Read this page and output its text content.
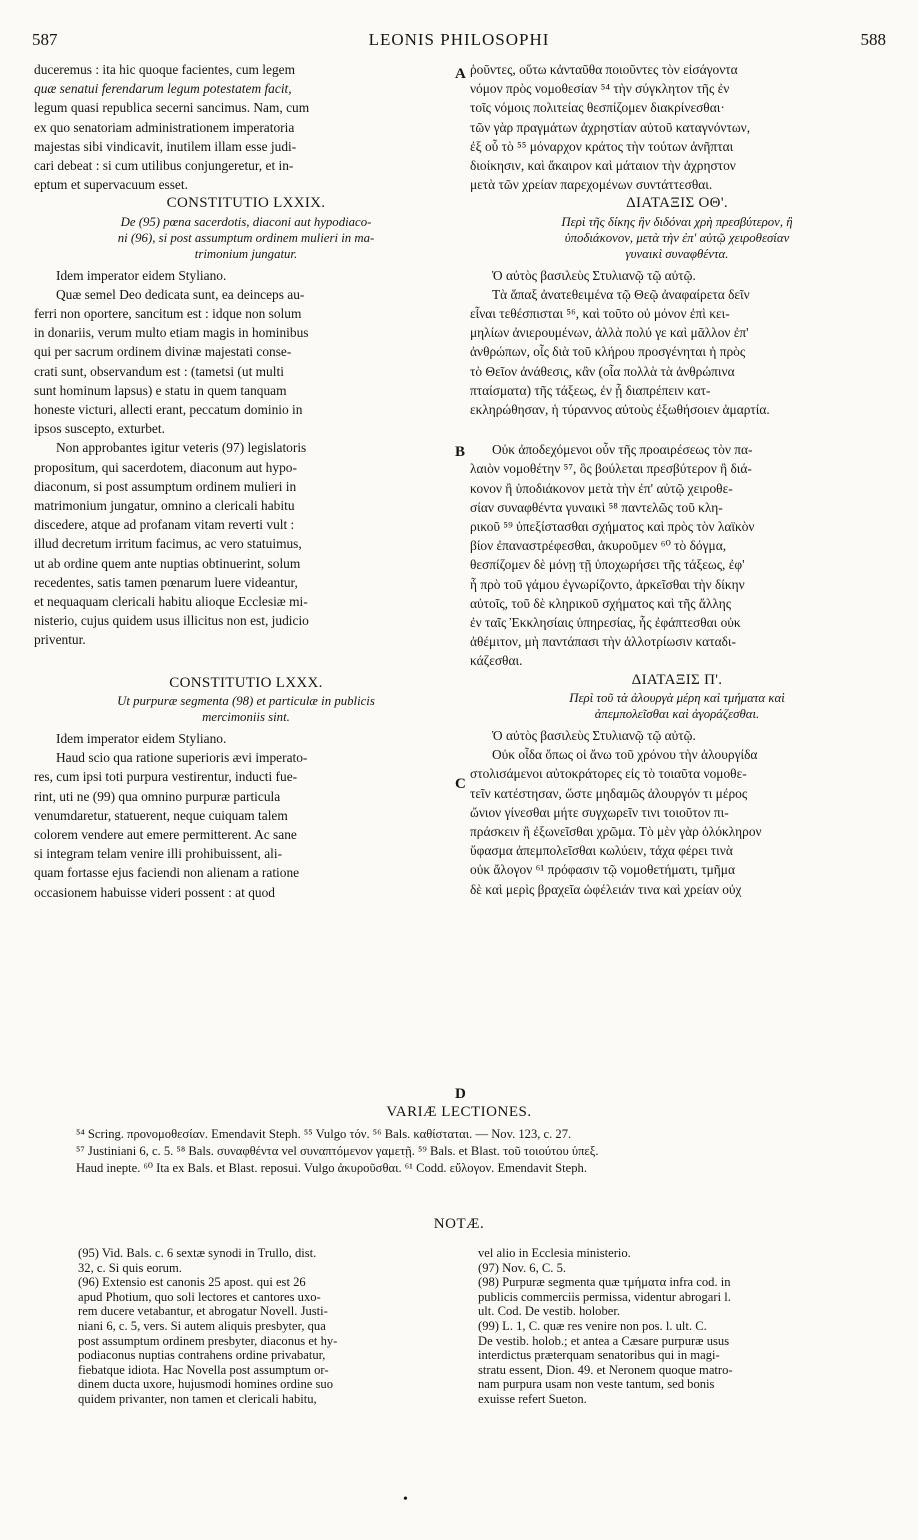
587	LEONIS PHILOSOPHI	588
A
B
C
D

duceremus : ita hic quoque facientes, cum legem

quæ senatui ferendarum legum potestatem facit,

legum quasi republica secerni sancimus. Nam, cum

ex quo senatoriam administrationem imperatoria

majestas sibi vindicavit, inutilem illam esse judi-

cari debeat : si cum utilibus conjungeretur, et in-

eptum et supervacuum esset.

CONSTITUTIO LXXIX.

De (95) pœna sacerdotis, diaconi aut hypodiaco-

ni (96), si post assumptum ordinem mulieri in ma-

trimonium jungatur.

Idem imperator eidem Styliano.

Quæ semel Deo dedicata sunt, ea deinceps au-

ferri non oportere, sancitum est : idque non solum

in donariis, verum multo etiam magis in hominibus

qui per sacrum ordinem divinæ majestati conse-

crati sunt, observandum est : (tametsi (ut multi

sunt hominum lapsus) e statu in quem tanquam

honeste victuri, allecti erant, peccatum dominio in

ipsos suscepto, exturbet.

Non approbantes igitur veteris (97) legislatoris

propositum, qui sacerdotem, diaconum aut hypo-

diaconum, si post assumptum ordinem mulieri in

matrimonium jungatur, omnino a clericali habitu

discedere, atque ad profanam vitam reverti vult :

illud decretum irritum facimus, ac vero statuimus,

ut ab ordine quem ante nuptias obtinuerint, solum

recedentes, satis tamen pœnarum luere videantur,

et nequaquam clericali habitu alioque Ecclesiæ mi-

nisterio, cujus quidem usus illicitus non est, judicio

priventur.

CONSTITUTIO LXXX.

Ut purpuræ segmenta (98) et particulæ in publicis

mercimoniis sint.

Idem imperator eidem Styliano.

Haud scio qua ratione superioris ævi imperato-

res, cum ipsi toti purpura vestirentur, inducti fue-

rint, uti ne (99) qua omnino purpuræ particula

venumdaretur, statuerent, neque cuiquam talem

colorem vendere aut emere permitterent. Ac sane

si integram telam venire illi prohibuissent, ali-

quam fortasse ejus faciendi non alienam a ratione

occasionem habuisse videri possent : at quod

ῥοῦντες, οὕτω κἀνταῦθα ποιοῦντες τὸν εἰσάγοντα

νόμον πρὸς νομοθεσίαν ⁵⁴ τὴν σύγκλητον τῆς ἐν

τοῖς νόμοις πολιτείας θεσπίζομεν διακρίνεσθαι·

τῶν γὰρ πραγμάτων ἀχρηστίαν αὐτοῦ καταγνόντων,

ἐξ οὗ τὸ ⁵⁵ μόναρχον κράτος τὴν τούτων ἀνῆπται

διοίκησιν, καὶ ἄκαιρον καὶ μάταιον τὴν ἀχρηστον

μετὰ τῶν χρείαν παρεχομένων συντάττεσθαι.

ΔΙΑΤΑΞΙΣ ΟΘ'.

Περὶ τῆς δίκης ἣν διδόναι χρὴ πρεσβύτερον, ἢ

ὑποδιάκονον, μετὰ τὴν ἐπ' αὐτῷ χειροθεσίαν

γυναικὶ συναφθέντα.

Ὁ αὐτὸς βασιλεὺς Στυλιανῷ τῷ αὐτῷ.

Τὰ ἅπαξ ἀνατεθειμένα τῷ Θεῷ ἀναφαίρετα δεῖν

εἶναι τεθέσπισται ⁵⁶, καὶ τοῦτο οὐ μόνον ἐπὶ κει-

μηλίων ἀνιερουμένων, ἀλλὰ πολύ γε καὶ μᾶλλον ἐπ'

ἀνθρώπων, οἷς διὰ τοῦ κλήρου προσγένηται ἡ πρὸς

τὸ Θεῖον ἀνάθεσις, κἂν (οἷα πολλὰ τὰ ἀνθρώπινα

πταίσματα) τῆς τάξεως, ἐν ᾗ διαπρέπειν κατ-

εκληρώθησαν, ἡ τύραννος αὐτοὺς ἐξωθήσοιεν ἁμαρτία.

Οὐκ ἀποδεχόμενοι οὖν τῆς προαιρέσεως τὸν πα-

λαιὸν νομοθέτην ⁵⁷, ὃς βούλεται πρεσβύτερον ἢ διά-

κονον ἢ ὑποδιάκονον μετὰ τὴν ἐπ' αὐτῷ χειροθε-

σίαν συναφθέντα γυναικὶ ⁵⁸ παντελῶς τοῦ κλη-

ρικοῦ ⁵⁹ ὑπεξίστασθαι σχήματος καὶ πρὸς τὸν λαϊκὸν

βίον ἐπαναστρέφεσθαι, ἀκυροῦμεν ⁶⁰ τὸ δόγμα,

θεσπίζομεν δὲ μόνῃ τῇ ὑποχωρήσει τῆς τάξεως, ἐφ'

ἧ πρὸ τοῦ γάμου ἐγνωρίζοντο, ἀρκεῖσθαι τὴν δίκην

αὐτοῖς, τοῦ δὲ κληρικοῦ σχήματος καὶ τῆς ἄλλης

ἐν ταῖς Ἐκκλησίαις ὑπηρεσίας, ἧς ἐφάπτεσθαι οὐκ

ἀθέμιτον, μὴ παντάπασι τὴν ἀλλοτρίωσιν καταδι-

κάζεσθαι.

ΔΙΑΤΑΞΙΣ Π'.

Περὶ τοῦ τὰ ἀλουργὰ μέρη καὶ τμήματα καὶ

ἀπεμπολεῖσθαι καὶ ἀγοράζεσθαι.

Ὁ αὐτὸς βασιλεὺς Στυλιανῷ τῷ αὐτῷ.

Οὐκ οἶδα ὅπως οἱ ἄνω τοῦ χρόνου τὴν ἀλουργίδα

στολισάμενοι αὐτοκράτορες εἰς τὸ τοιαῦτα νομοθε-

τεῖν κατέστησαν, ὥστε μηδαμῶς ἀλουργόν τι μέρος

ὤνιον γίνεσθαι μήτε συγχωρεῖν τινι τοιοῦτον πι-

πράσκειν ἢ ἐξωνεῖσθαι χρῶμα. Τὸ μὲν γὰρ ὁλόκληρον

ὕφασμα ἀπεμπολεῖσθαι κωλύειν, τάχα φέρει τινὰ

οὐκ ἄλογον ⁶¹ πρόφασιν τῷ νομοθετήματι, τμῆμα

δὲ καὶ μερὶς βραχεῖα ὠφέλειάν τινα καὶ χρείαν οὐχ

VARIÆ LECTIONES.

⁵⁴ Scring. προνομοθεσίαν. Emendavit Steph. ⁵⁵ Vulgo τόν. ⁵⁶ Bals. καθίσταται. — Nov. 123, c. 27.

⁵⁷ Justiniani 6, c. 5. ⁵⁸ Bals. συναφθέντα vel συναπτόμενον γαμετῇ. ⁵⁹ Bals. et Blast. τοῦ τοιούτου ὑπεξ.

Haud inepte. ⁶⁰ Ita ex Bals. et Blast. reposui. Vulgo ἀκυροῦσθαι. ⁶¹ Codd. εὔλογον. Emendavit Steph.

NOTÆ.

(95) Vid. Bals. c. 6 sextæ synodi in Trullo, dist.

32, c. Si quis eorum.

(96) Extensio est canonis 25 apost. qui est 26

apud Photium, quo soli lectores et cantores uxo-

rem ducere vetabantur, et abrogatur Novell. Justi-

niani 6, c. 5, vers. Si autem aliquis presbyter, qua

post assumptum ordinem presbyter, diaconus et hy-

podiaconus nuptias contrahens ordine privabatur,

fiebatque idiota. Hac Novella post assumptum or-

dinem ducta uxore, hujusmodi homines ordine suo

quidem privanter, non tamen et clericali habitu,

vel alio in Ecclesia ministerio.

(97) Nov. 6, C. 5.

(98) Purpuræ segmenta quæ τμήματα infra cod. in

publicis commerciis permissa, videntur abrogari l.

ult. Cod. De vestib. holober.

(99) L. 1, C. quæ res venire non pos. l. ult. C.

De vestib. holob.; et antea a Cæsare purpuræ usus

interdictus præterquam senatoribus qui in magi-

stratu essent, Dion. 49. et Neronem quoque matro-

nam purpura usam non veste tantum, sed bonis

exuisse refert Sueton.

•
